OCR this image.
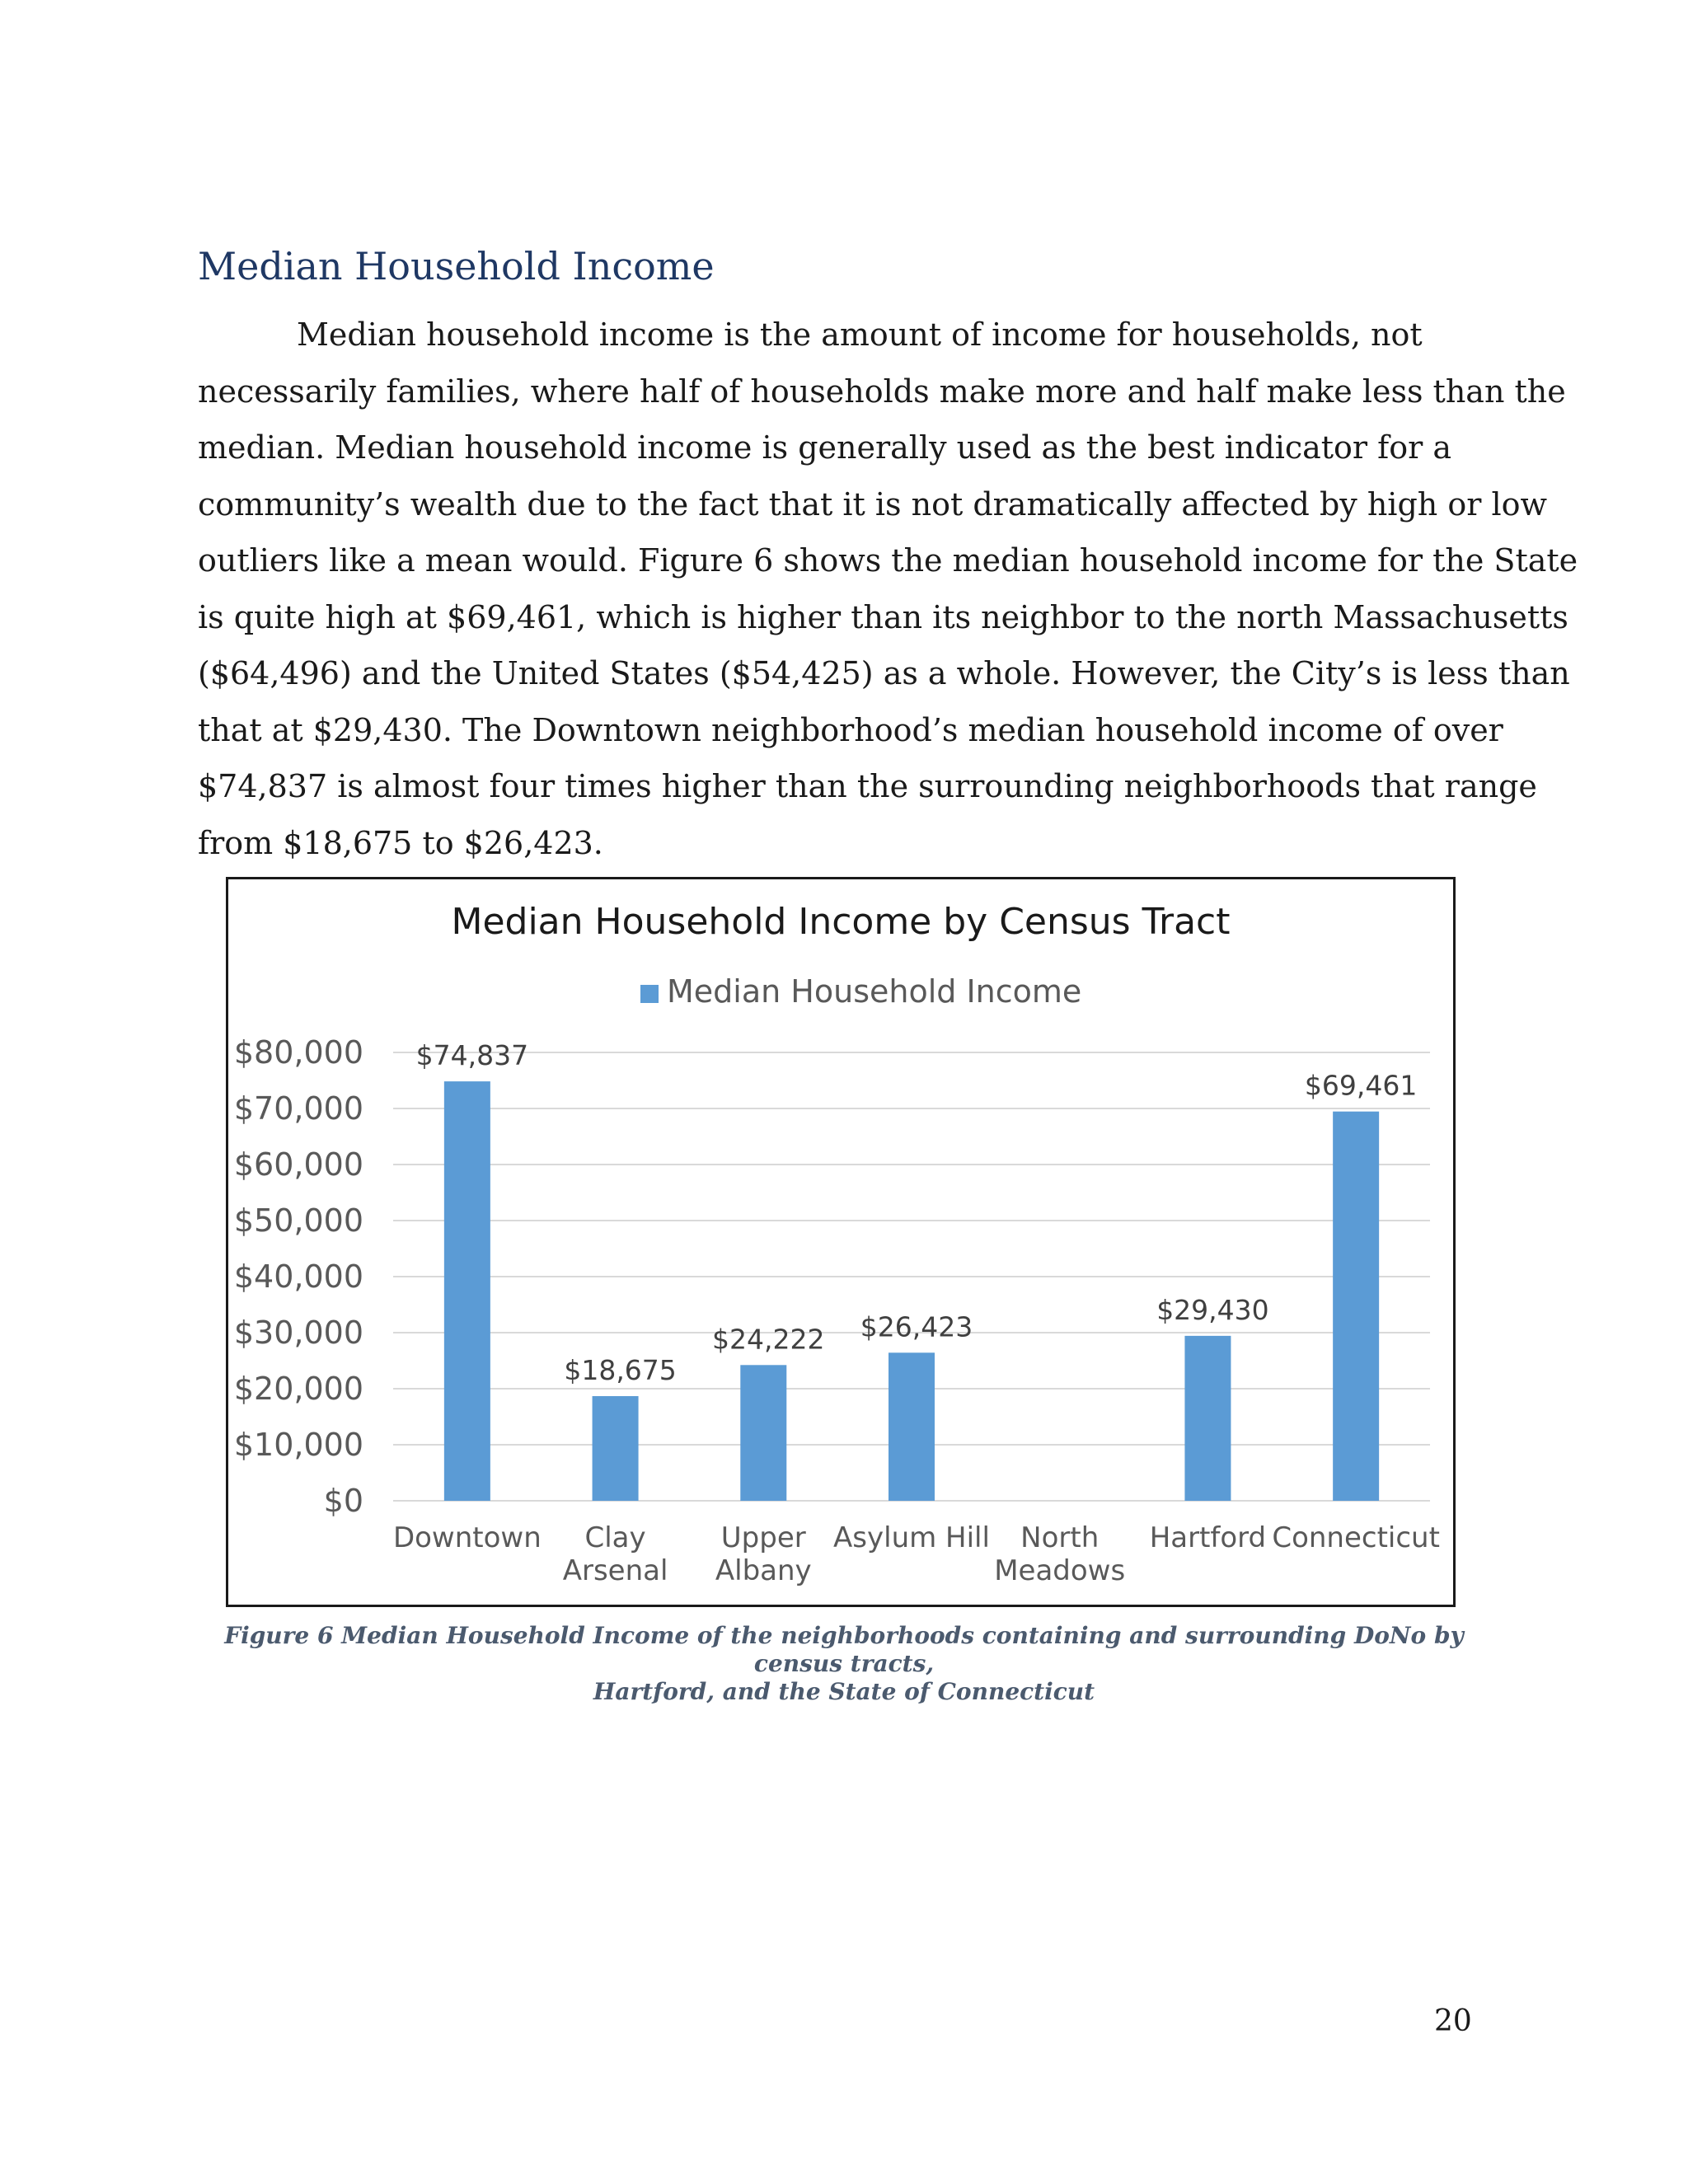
Median Household Income
Median household income is the amount of income for households, not
necessarily families, where half of households make more and half make less than the
median. Median household income is generally used as the best indicator for a
community’s wealth due to the fact that it is not dramatically affected by high or low
outliers like a mean would. Figure 6 shows the median household income for the State
is quite high at $69,461, which is higher than its neighbor to the north Massachusetts
($64,496) and the United States ($54,425) as a whole. However, the City’s is less than
that at $29,430. The Downtown neighborhood’s median household income of over
$74,837 is almost four times higher than the surrounding neighborhoods that range
from $18,675 to $26,423.
Median Household Income by Census Tract
Median Household Income
$0
$10,000
$20,000
$30,000
$40,000
$50,000
$60,000
$70,000
$80,000 $74,837
$18,675
$24,222 $26,423
$29,430
$69,461
Downtown Clay
Arsenal
Upper
Albany
Asylum Hill North
Meadows
Hartford Connecticut
Figure 6 Median Household Income of the neighborhoods containing and surrounding DoNo by census tracts,
Hartford, and the State of Connecticut
20
